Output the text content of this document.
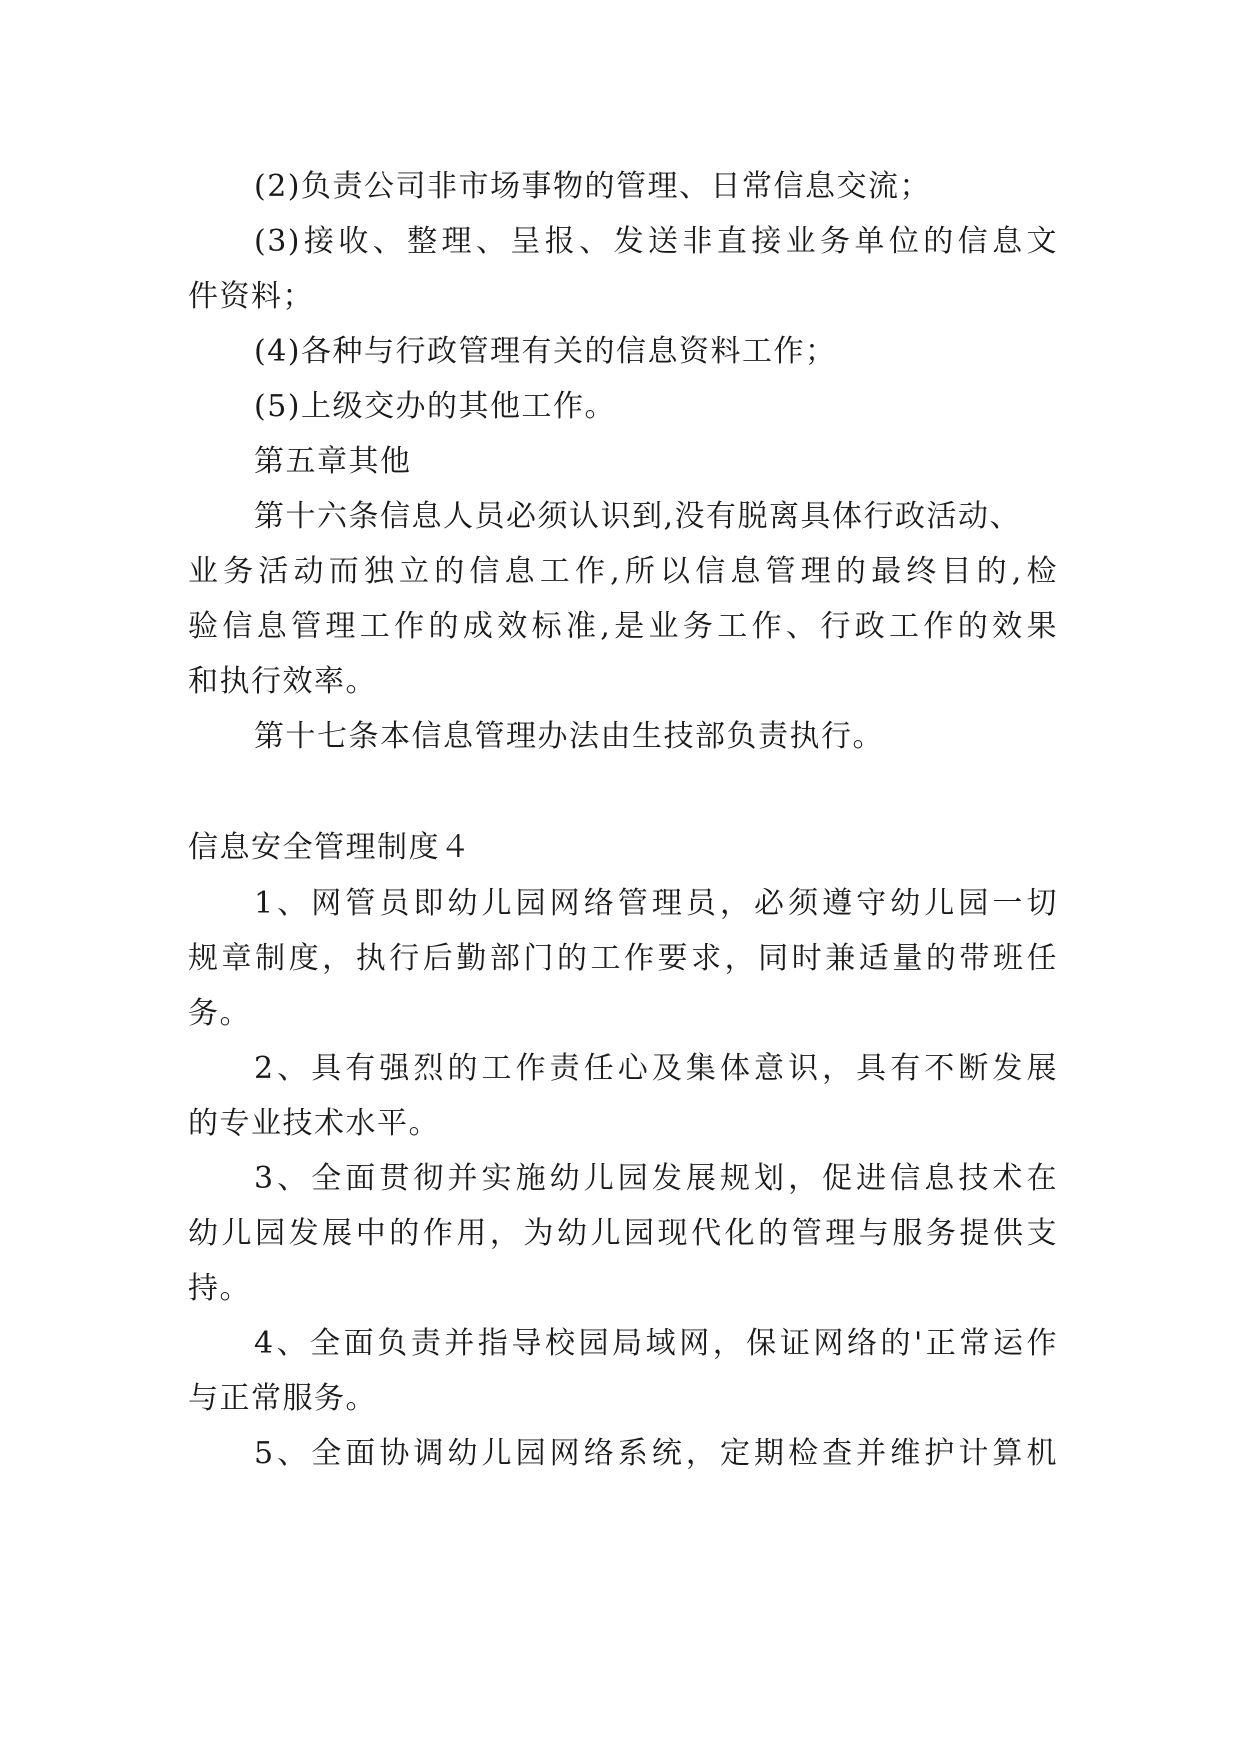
(2)负责公司非市场事物的管理、日常信息交流；
(3)接收、整理、呈报、发送非直接业务单位的信息文
件资料；
(4)各种与行政管理有关的信息资料工作；
(5)上级交办的其他工作。
第五章其他
第十六条信息人员必须认识到,没有脱离具体行政活动、
业务活动而独立的信息工作,所以信息管理的最终目的,检
验信息管理工作的成效标准,是业务工作、行政工作的效果
和执行效率。
第十七条本信息管理办法由生技部负责执行。
信息安全管理制度４
1、网管员即幼儿园网络管理员，必须遵守幼儿园一切
规章制度，执行后勤部门的工作要求，同时兼适量的带班任
务。
2、具有强烈的工作责任心及集体意识，具有不断发展
的专业技术水平。
3、全面贯彻并实施幼儿园发展规划，促进信息技术在
幼儿园发展中的作用，为幼儿园现代化的管理与服务提供支
持。
4、全面负责并指导校园局域网，保证网络的'正常运作
与正常服务。
5、全面协调幼儿园网络系统，定期检查并维护计算机
